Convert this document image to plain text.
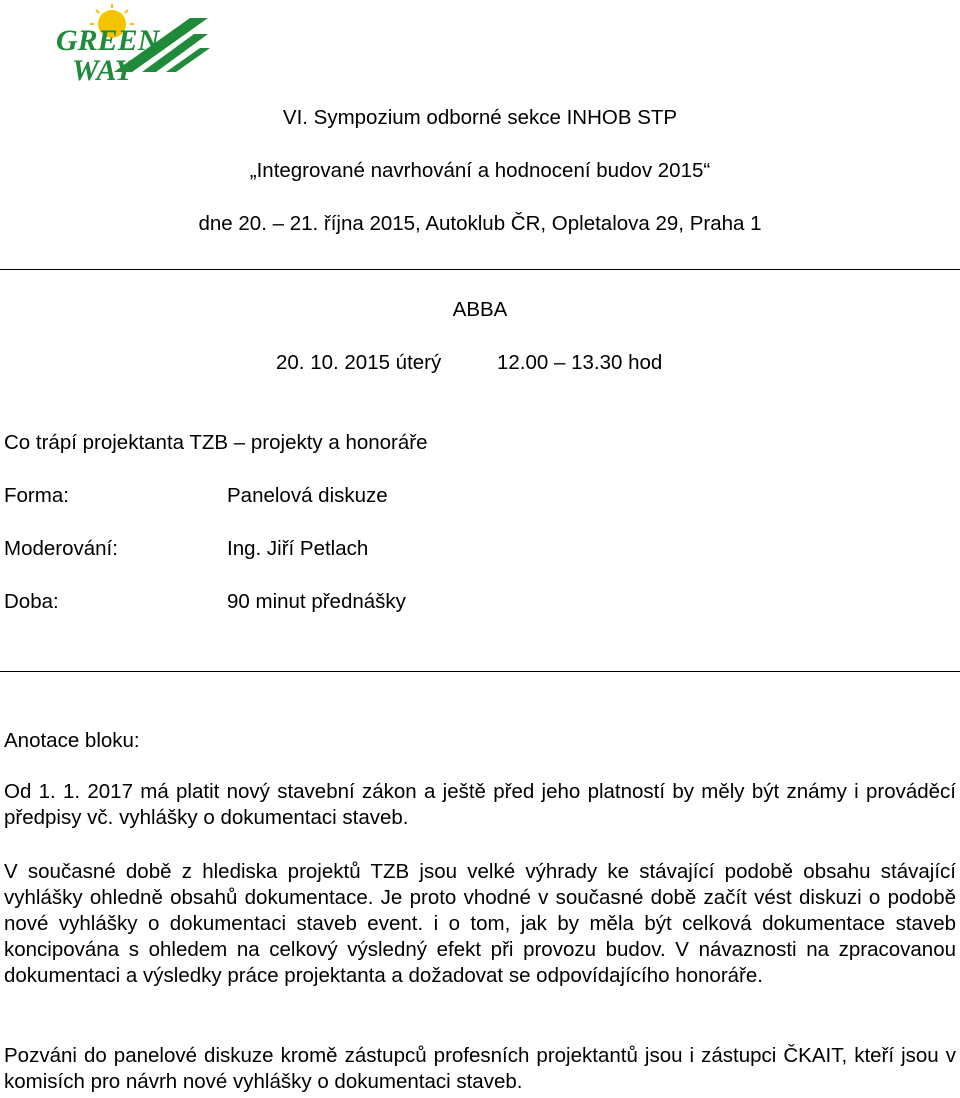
GREEN
WAY
VI. Sympozium odborné sekce INHOB STP
„Integrované navrhování a hodnocení budov 2015“
dne 20. – 21. října 2015, Autoklub ČR, Opletalova 29, Praha 1
ABBA
20. 10. 2015 úterý	12.00 – 13.30 hod
Co trápí projektanta TZB – projekty a honoráře
Forma:	Panelová diskuze
Moderování:	Ing. Jiří Petlach
Doba:	90 minut přednášky
Anotace bloku:
Od 1. 1. 2017 má platit nový stavební zákon a ještě před jeho platností by měly být známy i prováděcí předpisy vč. vyhlášky o dokumentaci staveb.
V současné době z hlediska projektů TZB jsou velké výhrady ke stávající podobě obsahu stávající vyhlášky ohledně obsahů dokumentace. Je proto vhodné v současné době začít vést diskuzi o podobě nové vyhlášky o dokumentaci staveb event. i o tom, jak by měla být celková dokumentace staveb koncipována s ohledem na celkový výsledný efekt při provozu budov. V návaznosti na zpracovanou dokumentaci a výsledky práce projektanta a dožadovat se odpovídajícího honoráře.
Pozváni do panelové diskuze kromě zástupců profesních projektantů jsou i zástupci ČKAIT, kteří jsou v komisích pro návrh nové vyhlášky o dokumentaci staveb.
